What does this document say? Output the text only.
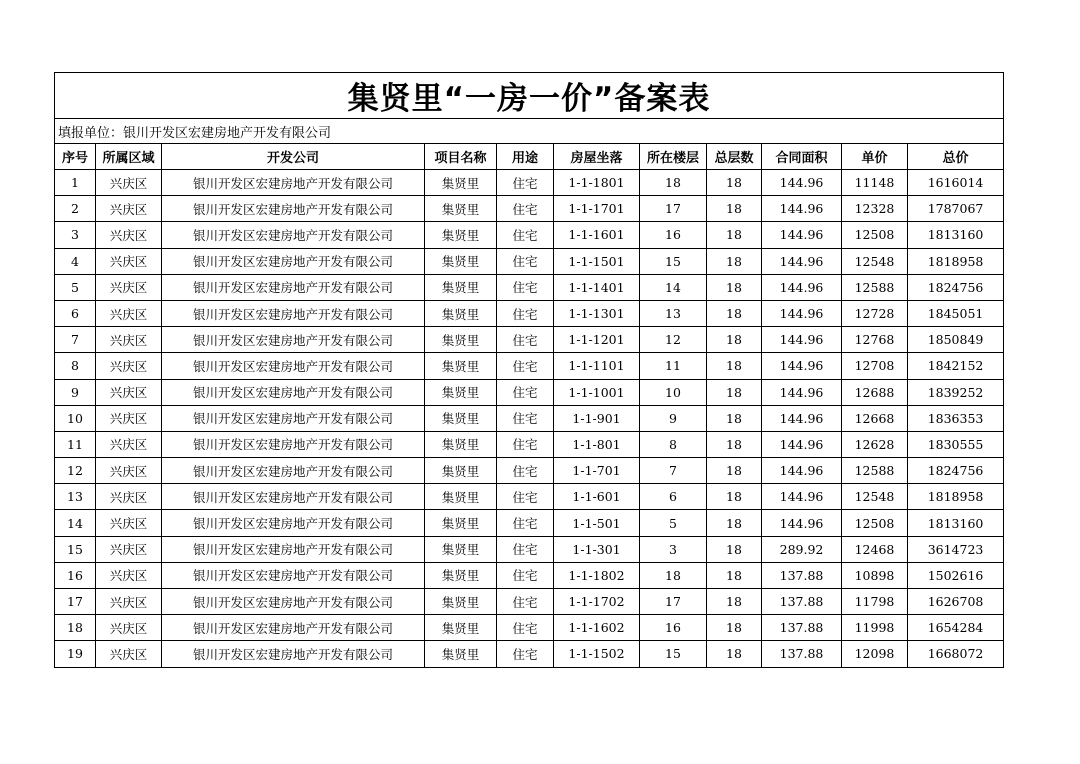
集贤里“一房一价”备案表										
填报单位：银川开发区宏建房地产开发有限公司										
序号	所属区域	开发公司	项目名称	用途	房屋坐落	所在楼层	总层数	合同面积	单价	总价
1	兴庆区	银川开发区宏建房地产开发有限公司	集贤里	住宅	1-1-1801	18	18	144.96	11148	1616014
2	兴庆区	银川开发区宏建房地产开发有限公司	集贤里	住宅	1-1-1701	17	18	144.96	12328	1787067
3	兴庆区	银川开发区宏建房地产开发有限公司	集贤里	住宅	1-1-1601	16	18	144.96	12508	1813160
4	兴庆区	银川开发区宏建房地产开发有限公司	集贤里	住宅	1-1-1501	15	18	144.96	12548	1818958
5	兴庆区	银川开发区宏建房地产开发有限公司	集贤里	住宅	1-1-1401	14	18	144.96	12588	1824756
6	兴庆区	银川开发区宏建房地产开发有限公司	集贤里	住宅	1-1-1301	13	18	144.96	12728	1845051
7	兴庆区	银川开发区宏建房地产开发有限公司	集贤里	住宅	1-1-1201	12	18	144.96	12768	1850849
8	兴庆区	银川开发区宏建房地产开发有限公司	集贤里	住宅	1-1-1101	11	18	144.96	12708	1842152
9	兴庆区	银川开发区宏建房地产开发有限公司	集贤里	住宅	1-1-1001	10	18	144.96	12688	1839252
10	兴庆区	银川开发区宏建房地产开发有限公司	集贤里	住宅	1-1-901	9	18	144.96	12668	1836353
11	兴庆区	银川开发区宏建房地产开发有限公司	集贤里	住宅	1-1-801	8	18	144.96	12628	1830555
12	兴庆区	银川开发区宏建房地产开发有限公司	集贤里	住宅	1-1-701	7	18	144.96	12588	1824756
13	兴庆区	银川开发区宏建房地产开发有限公司	集贤里	住宅	1-1-601	6	18	144.96	12548	1818958
14	兴庆区	银川开发区宏建房地产开发有限公司	集贤里	住宅	1-1-501	5	18	144.96	12508	1813160
15	兴庆区	银川开发区宏建房地产开发有限公司	集贤里	住宅	1-1-301	3	18	289.92	12468	3614723
16	兴庆区	银川开发区宏建房地产开发有限公司	集贤里	住宅	1-1-1802	18	18	137.88	10898	1502616
17	兴庆区	银川开发区宏建房地产开发有限公司	集贤里	住宅	1-1-1702	17	18	137.88	11798	1626708
18	兴庆区	银川开发区宏建房地产开发有限公司	集贤里	住宅	1-1-1602	16	18	137.88	11998	1654284
19	兴庆区	银川开发区宏建房地产开发有限公司	集贤里	住宅	1-1-1502	15	18	137.88	12098	1668072
